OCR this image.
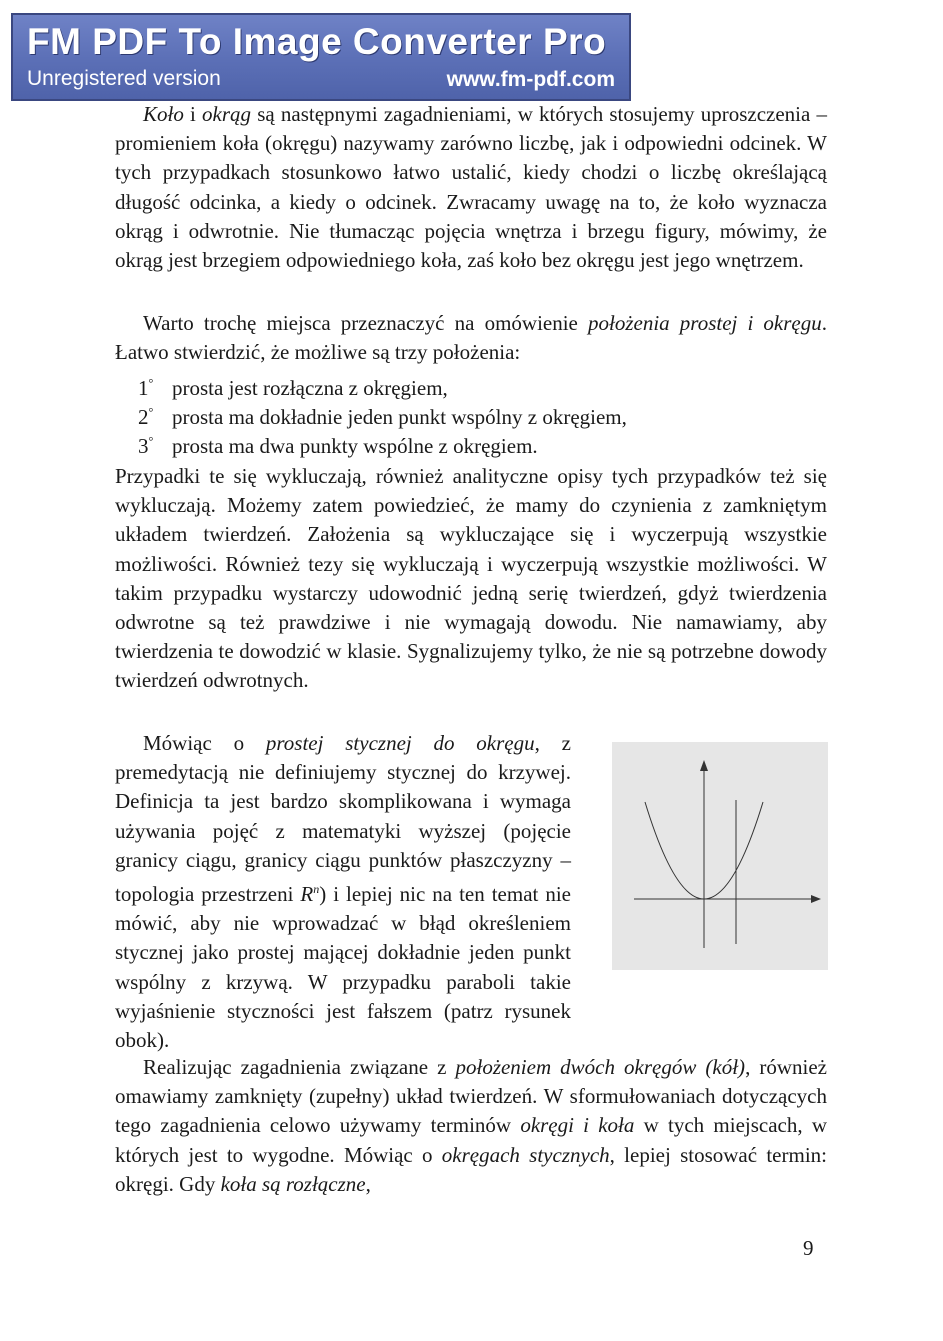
FM PDF To Image Converter Pro
Unregistered version	www.fm-pdf.com

Koło i okrąg są następnymi zagadnieniami, w których stosujemy uproszczenia – promieniem koła (okręgu) nazywamy zarówno liczbę, jak i odpowiedni odcinek. W tych przypadkach stosunkowo łatwo ustalić, kiedy chodzi o liczbę określającą długość odcinka, a kiedy o odcinek. Zwracamy uwagę na to, że koło wyznacza okrąg i odwrotnie. Nie tłumacząc pojęcia wnętrza i brzegu figury, mówimy, że okrąg jest brzegiem odpowiedniego koła, zaś koło bez okręgu jest jego wnętrzem.

Warto trochę miejsca przeznaczyć na omówienie położenia prostej i okręgu. Łatwo stwierdzić, że możliwe są trzy położenia:

1° prosta jest rozłączna z okręgiem,
2° prosta ma dokładnie jeden punkt wspólny z okręgiem,
3° prosta ma dwa punkty wspólne z okręgiem.

Przypadki te się wykluczają, również analityczne opisy tych przypadków też się wykluczają. Możemy zatem powiedzieć, że mamy do czynienia z zamkniętym układem twierdzeń. Założenia są wykluczające się i wyczerpują wszystkie możliwości. Również tezy się wykluczają i wyczerpują wszystkie możliwości. W takim przypadku wystarczy udowodnić jedną serię twierdzeń, gdyż twierdzenia odwrotne są też prawdziwe i nie wymagają dowodu. Nie namawiamy, aby twierdzenia te dowodzić w klasie. Sygnalizujemy tylko, że nie są potrzebne dowody twierdzeń odwrotnych.

Mówiąc o prostej stycznej do okręgu, z premedytacją nie definiujemy stycznej do krzywej. Definicja ta jest bardzo skomplikowana i wymaga używania pojęć z matematyki wyższej (pojęcie granicy ciągu, granicy ciągu punktów płaszczyzny – topologia przestrzeni $R^n$) i lepiej nic na ten temat nie mówić, aby nie wprowadzać w błąd określeniem stycznej jako prostej mającej dokładnie jeden punkt wspólny z krzywą. W przypadku paraboli takie wyjaśnienie styczności jest fałszem (patrz rysunek obok).

Realizując zagadnienia związane z położeniem dwóch okręgów (kół), również omawiamy zamknięty (zupełny) układ twierdzeń. W sformułowaniach dotyczących tego zagadnienia celowo używamy terminów okręgi i koła w tych miejscach, w których jest to wygodne. Mówiąc o okręgach stycznych, lepiej stosować termin: okręgi. Gdy koła są rozłączne,

9
